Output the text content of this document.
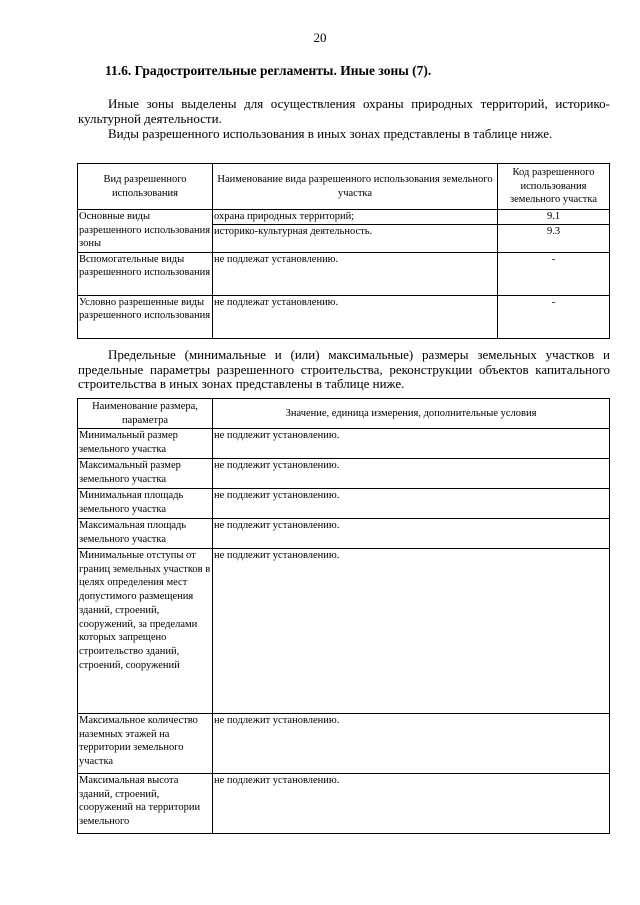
20
11.6. Градостроительные регламенты. Иные зоны (7).

Иные зоны выделены для осуществления охраны природных территорий, историко-культурной деятельности.

Виды разрешенного использования в иных зонах представлены в таблице ниже.

Вид разрешенного использования	Наименование вида разрешенного использования земельного участка	Код разрешенного использования земельного участка
Основные виды разрешенного использования зоны	охрана природных территорий;	9.1
	историко-культурная деятельность.	9.3
Вспомогательные виды разрешенного использования	не подлежат установлению.	-
Условно разрешенные виды разрешенного использования	не подлежат установлению.	-

Предельные (минимальные и (или) максимальные) размеры земельных участков и предельные параметры разрешенного строительства, реконструкции объектов капитального строительства в иных зонах представлены в таблице ниже.

Наименование размера, параметра	Значение, единица измерения, дополнительные условия
Минимальный размер земельного участка	не подлежит установлению.
Максимальный размер земельного участка	не подлежит установлению.
Минимальная площадь земельного участка	не подлежит установлению.
Максимальная площадь земельного участка	не подлежит установлению.
Минимальные отступы от границ земельных участков в целях определения мест допустимого размещения зданий, строений, сооружений, за пределами которых запрещено строительство зданий, строений, сооружений	не подлежит установлению.
Максимальное количество наземных этажей на территории земельного участка	не подлежит установлению.
Максимальная высота зданий, строений, сооружений на территории земельного	не подлежит установлению.
